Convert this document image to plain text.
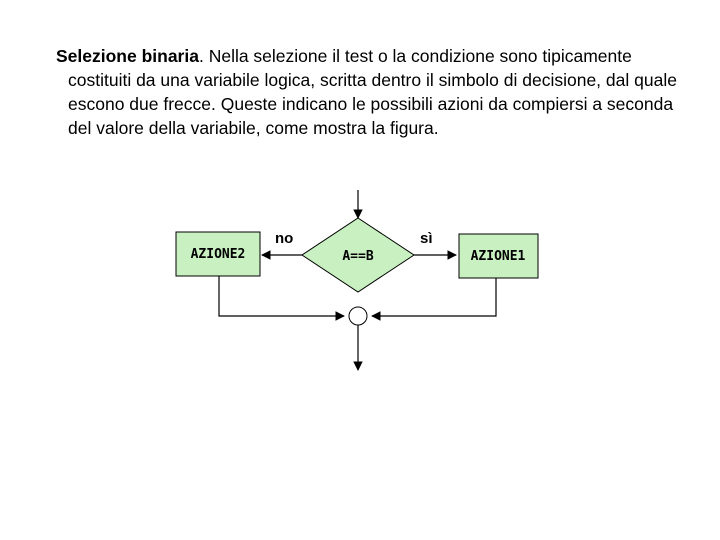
Selezione binaria. Nella selezione il test o la condizione sono tipicamente costituiti da una variabile logica, scritta dentro il simbolo di decisione, dal quale escono due frecce. Queste indicano le possibili azioni da compiersi a seconda del valore della variabile, come mostra la figura.

A==B
no	sì
AZIONE2	AZIONE1
